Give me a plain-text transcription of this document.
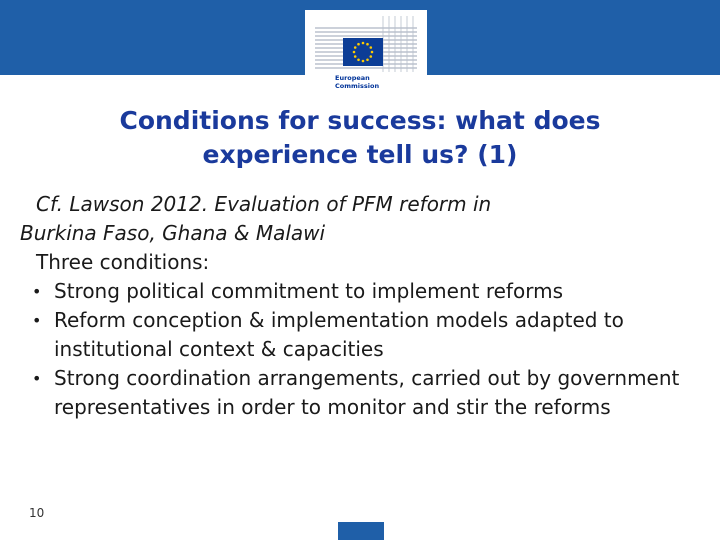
European Commission
Conditions for success: what does experience tell us? (1)
Cf. Lawson 2012. Evaluation of PFM reform in
Burkina Faso, Ghana & Malawi
Three conditions:
• Strong political commitment to implement reforms
• Reform conception & implementation models adapted to institutional context & capacities
• Strong coordination arrangements, carried out by government representatives in order to monitor and stir the reforms
10
